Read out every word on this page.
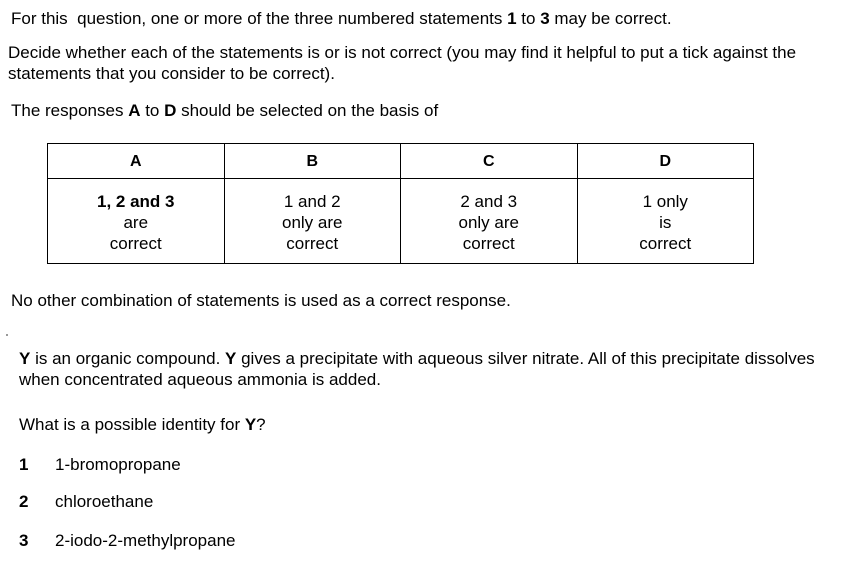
For this  question, one or more of the three numbered statements 1 to 3 may be correct.
Decide whether each of the statements is or is not correct (you may find it helpful to put a tick against the statements that you consider to be correct).
The responses A to D should be selected on the basis of
A	B	C	D

1, 2 and 3
are
correct	1 and 2
only are
correct	2 and 3
only are
correct	1 only
is
correct
No other combination of statements is used as a correct response.
Y is an organic compound. Y gives a precipitate with aqueous silver nitrate. All of this precipitate dissolves when concentrated aqueous ammonia is added.
What is a possible identity for Y?
1 1-bromopropane
2 chloroethane
3 2-iodo-2-methylpropane
